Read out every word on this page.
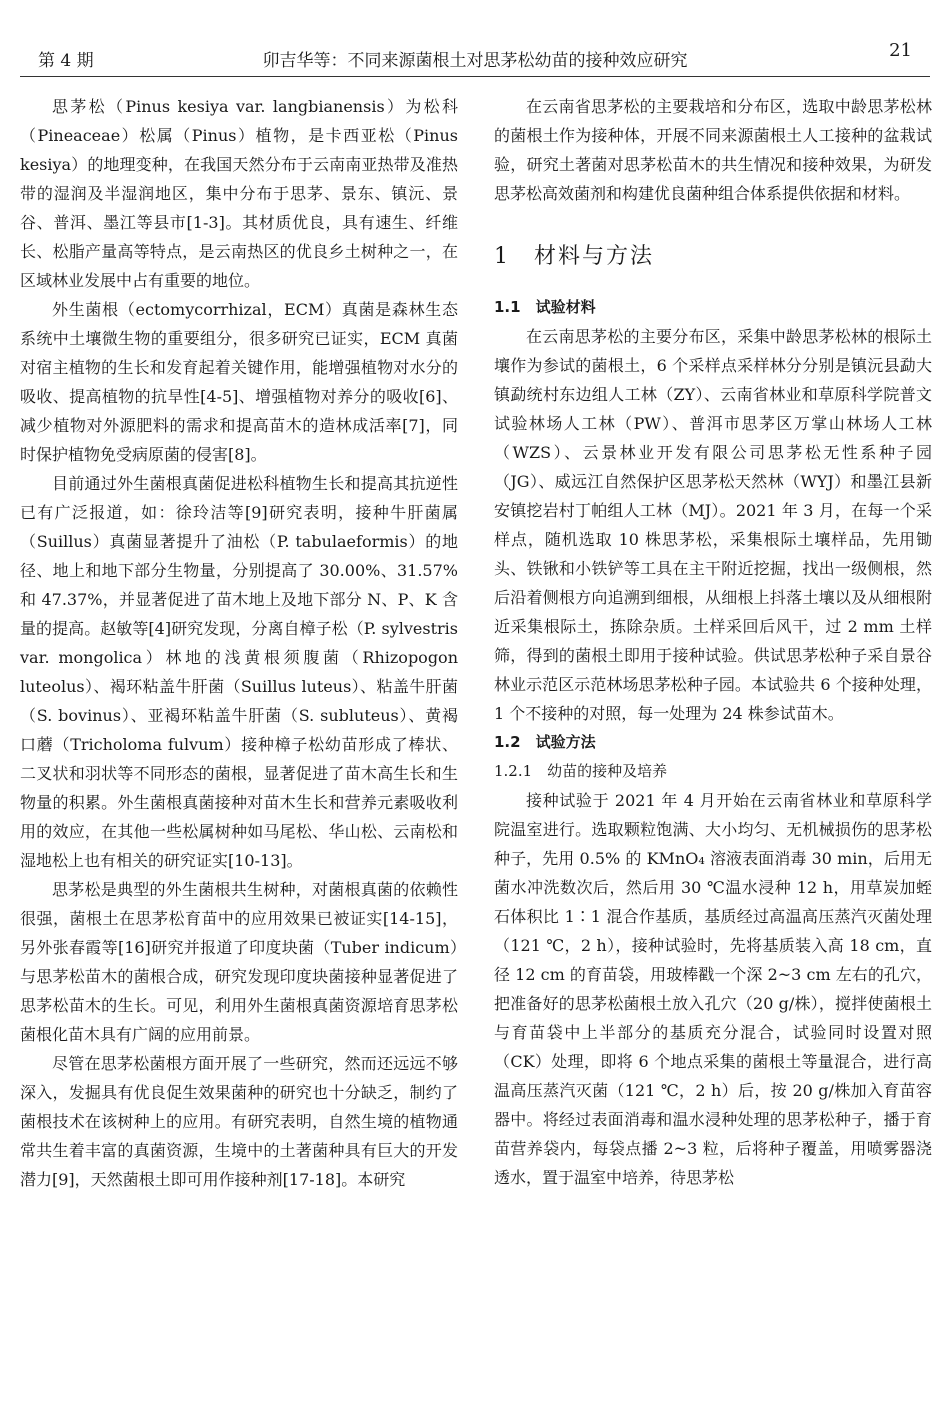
第 4 期	卯吉华等：不同来源菌根土对思茅松幼苗的接种效应研究	21

思茅松（Pinus kesiya var. langbianensis）为松科（Pineaceae）松属（Pinus）植物，是卡西亚松（Pinus kesiya）的地理变种，在我国天然分布于云南南亚热带及准热带的湿润及半湿润地区，集中分布于思茅、景东、镇沅、景谷、普洱、墨江等县市[1-3]。其材质优良，具有速生、纤维长、松脂产量高等特点，是云南热区的优良乡土树种之一，在区域林业发展中占有重要的地位。

外生菌根（ectomycorrhizal，ECM）真菌是森林生态系统中土壤微生物的重要组分，很多研究已证实，ECM 真菌对宿主植物的生长和发育起着关键作用，能增强植物对水分的吸收、提高植物的抗旱性[4-5]、增强植物对养分的吸收[6]、减少植物对外源肥料的需求和提高苗木的造林成活率[7]，同时保护植物免受病原菌的侵害[8]。

目前通过外生菌根真菌促进松科植物生长和提高其抗逆性已有广泛报道，如：徐玲洁等[9]研究表明，接种牛肝菌属（Suillus）真菌显著提升了油松（P. tabulaeformis）的地径、地上和地下部分生物量，分别提高了 30.00%、31.57% 和 47.37%，并显著促进了苗木地上及地下部分 N、P、K 含量的提高。赵敏等[4]研究发现，分离自樟子松（P. sylvestris var. mongolica）林地的浅黄根须腹菌（Rhizopogon luteolus）、褐环粘盖牛肝菌（Suillus luteus）、粘盖牛肝菌（S. bovinus）、亚褐环粘盖牛肝菌（S. subluteus）、黄褐口蘑（Tricholoma fulvum）接种樟子松幼苗形成了棒状、二叉状和羽状等不同形态的菌根，显著促进了苗木高生长和生物量的积累。外生菌根真菌接种对苗木生长和营养元素吸收利用的效应，在其他一些松属树种如马尾松、华山松、云南松和湿地松上也有相关的研究证实[10-13]。

思茅松是典型的外生菌根共生树种，对菌根真菌的依赖性很强，菌根土在思茅松育苗中的应用效果已被证实[14-15]，另外张春霞等[16]研究并报道了印度块菌（Tuber indicum）与思茅松苗木的菌根合成，研究发现印度块菌接种显著促进了思茅松苗木的生长。可见，利用外生菌根真菌资源培育思茅松菌根化苗木具有广阔的应用前景。

尽管在思茅松菌根方面开展了一些研究，然而还远远不够深入，发掘具有优良促生效果菌种的研究也十分缺乏，制约了菌根技术在该树种上的应用。有研究表明，自然生境的植物通常共生着丰富的真菌资源，生境中的土著菌种具有巨大的开发潜力[9]，天然菌根土即可用作接种剂[17-18]。本研究

在云南省思茅松的主要栽培和分布区，选取中龄思茅松林的菌根土作为接种体，开展不同来源菌根土人工接种的盆栽试验，研究土著菌对思茅松苗木的共生情况和接种效果，为研发思茅松高效菌剂和构建优良菌种组合体系提供依据和材料。

1　材料与方法
1.1　试验材料

在云南思茅松的主要分布区，采集中龄思茅松林的根际土壤作为参试的菌根土，6 个采样点采样林分分别是镇沅县勐大镇勐统村东边组人工林（ZY）、云南省林业和草原科学院普文试验林场人工林（PW）、普洱市思茅区万掌山林场人工林（WZS）、云景林业开发有限公司思茅松无性系种子园（JG）、威远江自然保护区思茅松天然林（WYJ）和墨江县新安镇挖岩村丁帕组人工林（MJ）。2021 年 3 月，在每一个采样点，随机选取 10 株思茅松，采集根际土壤样品，先用锄头、铁锹和小铁铲等工具在主干附近挖掘，找出一级侧根，然后沿着侧根方向追溯到细根，从细根上抖落土壤以及从细根附近采集根际土，拣除杂质。土样采回后风干，过 2 mm 土样筛，得到的菌根土即用于接种试验。供试思茅松种子采自景谷林业示范区示范林场思茅松种子园。本试验共 6 个接种处理，1 个不接种的对照，每一处理为 24 株参试苗木。

1.2　试验方法
1.2.1　幼苗的接种及培养

接种试验于 2021 年 4 月开始在云南省林业和草原科学院温室进行。选取颗粒饱满、大小均匀、无机械损伤的思茅松种子，先用 0.5% 的 KMnO₄ 溶液表面消毒 30 min，后用无菌水冲洗数次后，然后用 30 ℃温水浸种 12 h，用草炭加蛭石体积比 1∶1 混合作基质，基质经过高温高压蒸汽灭菌处理（121 ℃，2 h），接种试验时，先将基质装入高 18 cm，直径 12 cm 的育苗袋，用玻棒戳一个深 2~3 cm 左右的孔穴，把准备好的思茅松菌根土放入孔穴（20 g/株），搅拌使菌根土与育苗袋中上半部分的基质充分混合，试验同时设置对照（CK）处理，即将 6 个地点采集的菌根土等量混合，进行高温高压蒸汽灭菌（121 ℃，2 h）后，按 20 g/株加入育苗容器中。将经过表面消毒和温水浸种处理的思茅松种子，播于育苗营养袋内，每袋点播 2~3 粒，后将种子覆盖，用喷雾器浇透水，置于温室中培养，待思茅松
